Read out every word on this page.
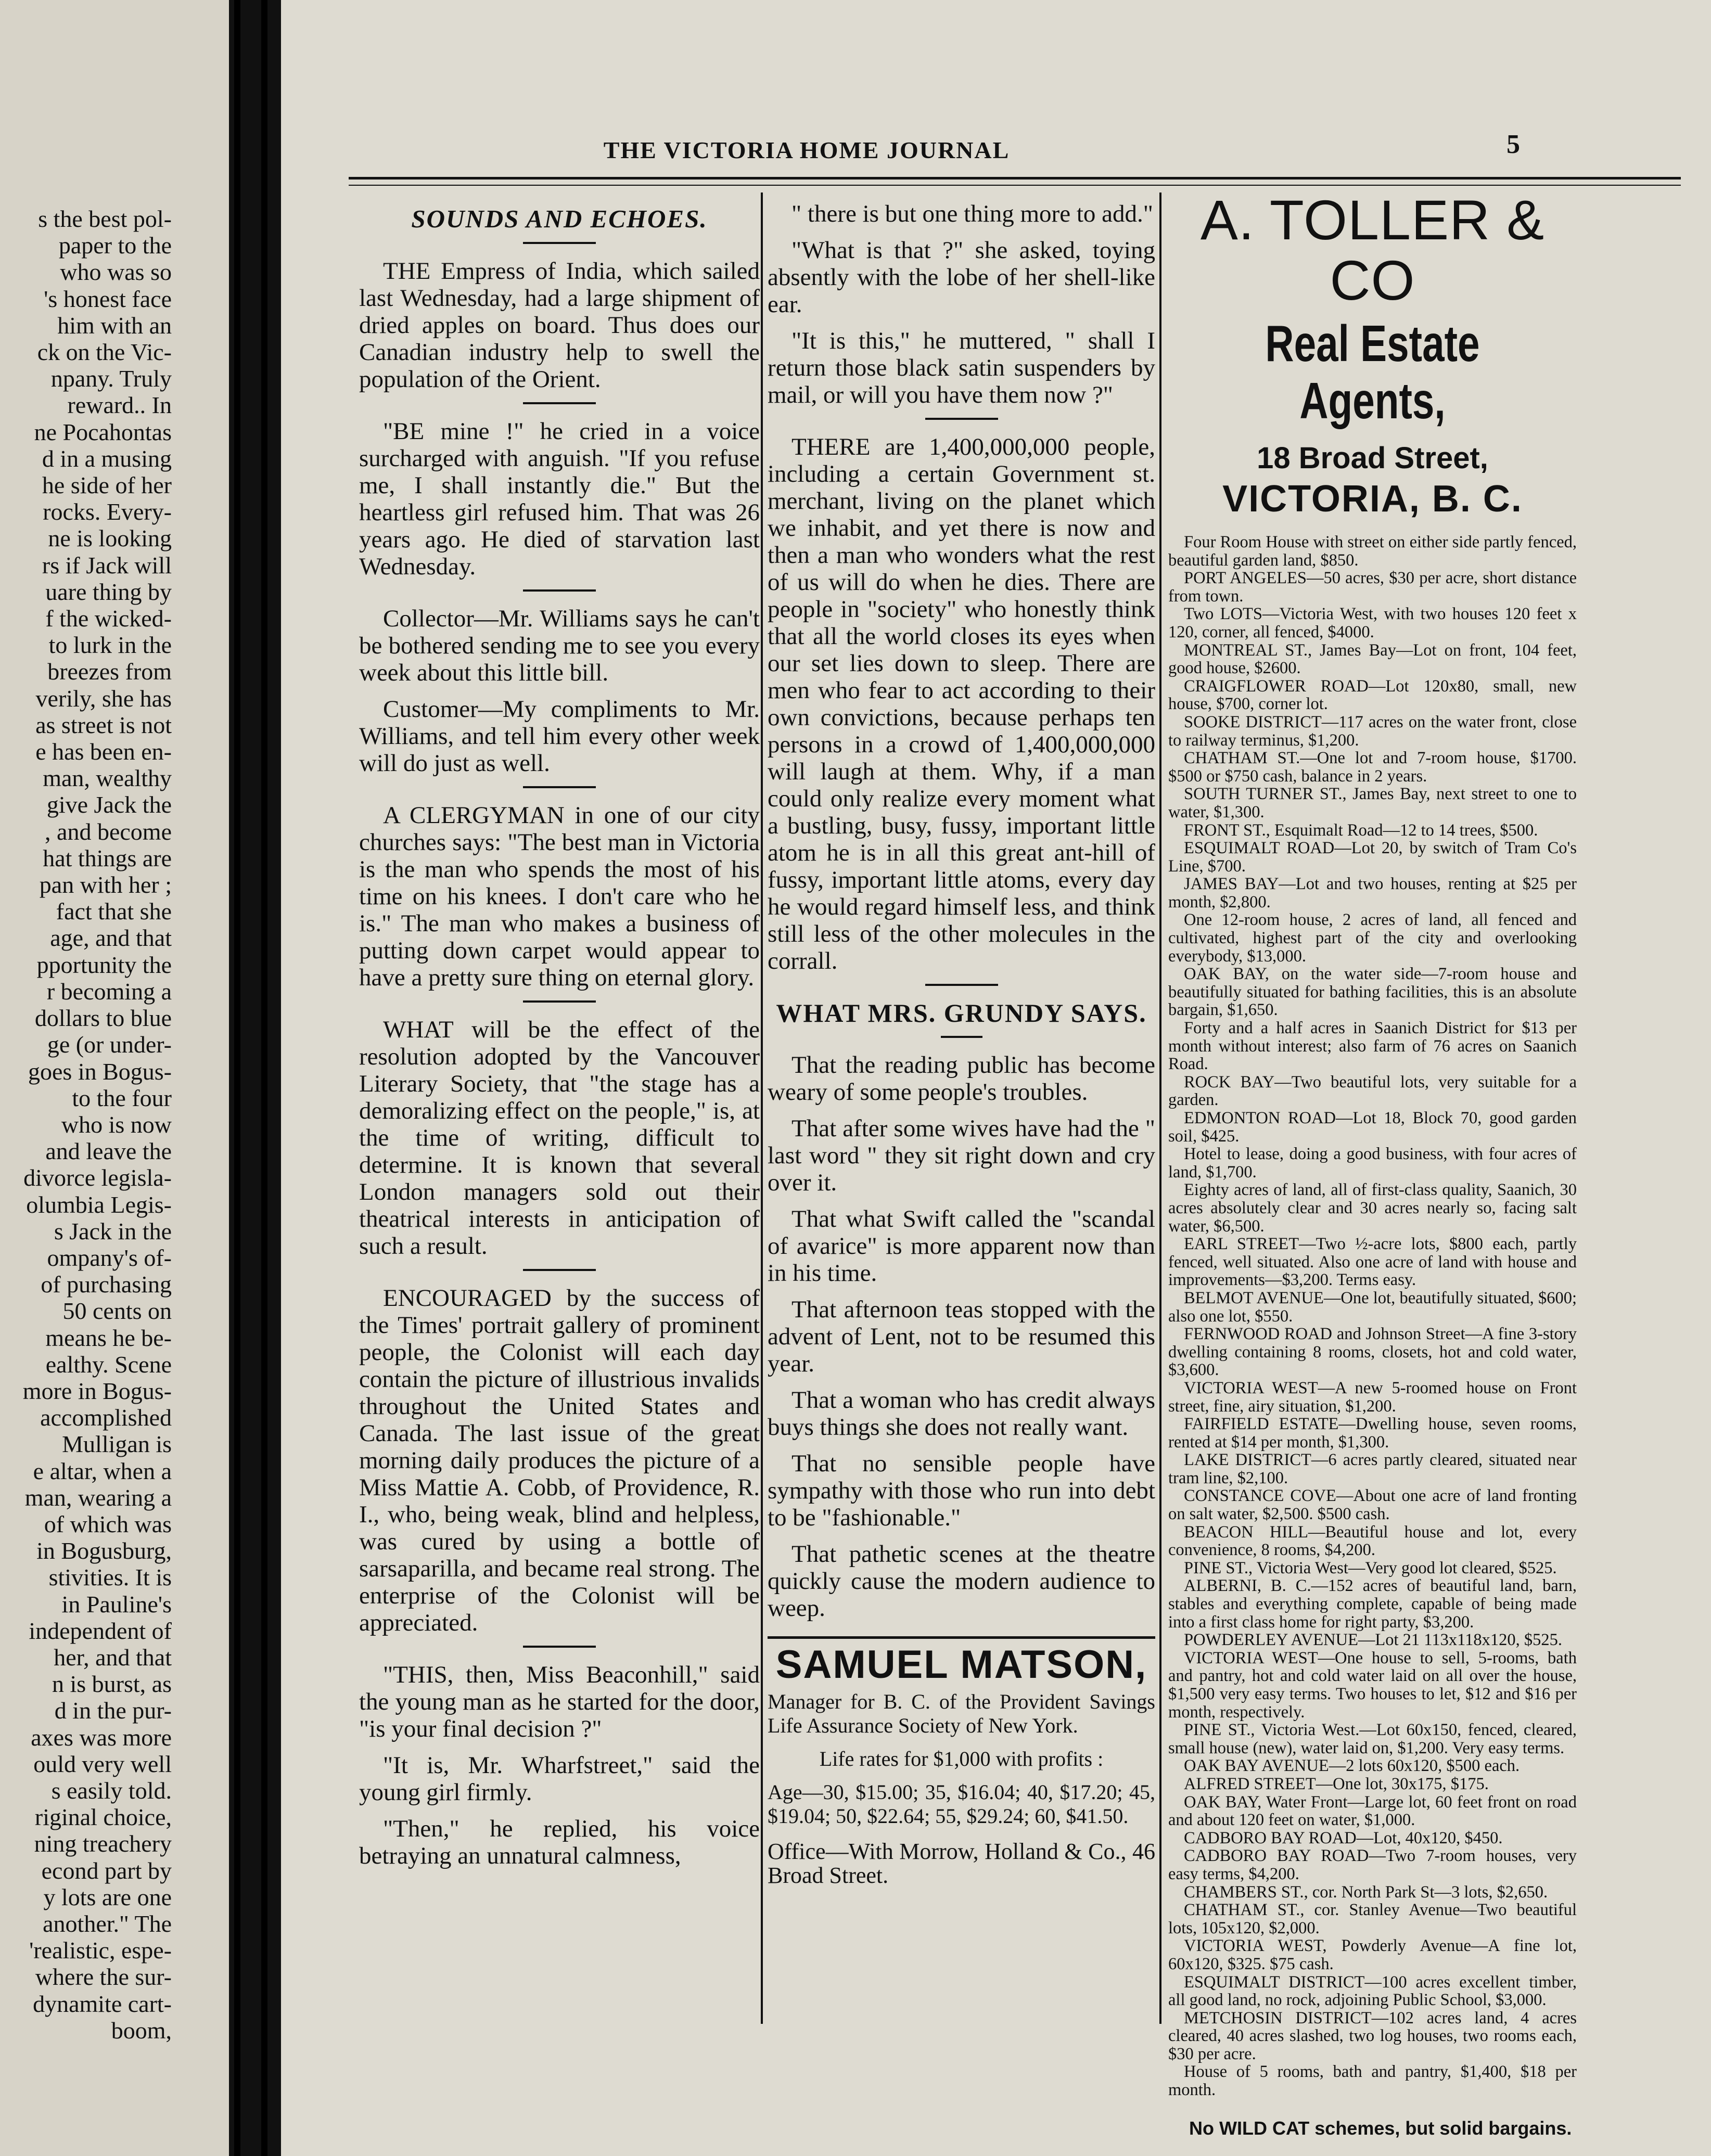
s the best pol-
paper to the
who was so
's honest face
him with an
ck on the Vic-
npany. Truly
reward.. In
ne Pocahontas
d in a musing
he side of her
rocks. Every-
ne is looking
rs if Jack will
uare thing by
f the wicked-
to lurk in the
breezes from
verily, she has
as street is not
e has been en-
man, wealthy
give Jack the
, and become
hat things are
pan with her ;
fact that she
age, and that
pportunity the
r becoming a
dollars to blue
ge (or under-
goes in Bogus-
to the four
who is now
and leave the
divorce legisla-
olumbia Legis-
s Jack in the
ompany's of-
of purchasing
50 cents on
means he be-
ealthy. Scene
more in Bogus-
accomplished
Mulligan is
e altar, when a
man, wearing a
of which was
in Bogusburg,
stivities. It is
in Pauline's
independent of
her, and that
n is burst, as
d in the pur-
axes was more
ould very well
s easily told.
riginal choice,
ning treachery
econd part by
y lots are one
another." The
'realistic, espe-
where the sur-
dynamite cart-
boom,
THE VICTORIA HOME JOURNAL	5
SOUNDS AND ECHOES.

THE Empress of India, which sailed last Wednesday, had a large shipment of dried apples on board. Thus does our Canadian industry help to swell the population of the Orient.

"BE mine !" he cried in a voice surcharged with anguish. "If you refuse me, I shall instantly die." But the heartless girl refused him. That was 26 years ago. He died of starvation last Wednesday.

Collector—Mr. Williams says he can't be bothered sending me to see you every week about this little bill.

Customer—My compliments to Mr. Williams, and tell him every other week will do just as well.

A CLERGYMAN in one of our city churches says: "The best man in Victoria is the man who spends the most of his time on his knees. I don't care who he is." The man who makes a business of putting down carpet would appear to have a pretty sure thing on eternal glory.

WHAT will be the effect of the resolution adopted by the Vancouver Literary Society, that "the stage has a demoralizing effect on the people," is, at the time of writing, difficult to determine. It is known that several London managers sold out their theatrical interests in anticipation of such a result.

ENCOURAGED by the success of the Times' portrait gallery of prominent people, the Colonist will each day contain the picture of illustrious invalids throughout the United States and Canada. The last issue of the great morning daily produces the picture of a Miss Mattie A. Cobb, of Providence, R. I., who, being weak, blind and helpless, was cured by using a bottle of sarsaparilla, and became real strong. The enterprise of the Colonist will be appreciated.

"THIS, then, Miss Beaconhill," said the young man as he started for the door, "is your final decision ?"

"It is, Mr. Wharfstreet," said the young girl firmly.

"Then," he replied, his voice betraying an unnatural calmness,

" there is but one thing more to add."

"What is that ?" she asked, toying absently with the lobe of her shell-like ear.

"It is this," he muttered, " shall I return those black satin suspenders by mail, or will you have them now ?"

THERE are 1,400,000,000 people, including a certain Government st. merchant, living on the planet which we inhabit, and yet there is now and then a man who wonders what the rest of us will do when he dies. There are people in "society" who honestly think that all the world closes its eyes when our set lies down to sleep. There are men who fear to act according to their own convictions, because perhaps ten persons in a crowd of 1,400,000,000 will laugh at them. Why, if a man could only realize every moment what a bustling, busy, fussy, important little atom he is in all this great ant-hill of fussy, important little atoms, every day he would regard himself less, and think still less of the other molecules in the corrall.

WHAT MRS. GRUNDY SAYS.

That the reading public has become weary of some people's troubles.

That after some wives have had the " last word " they sit right down and cry over it.

That what Swift called the "scandal of avarice" is more apparent now than in his time.

That afternoon teas stopped with the advent of Lent, not to be resumed this year.

That a woman who has credit always buys things she does not really want.

That no sensible people have sympathy with those who run into debt to be "fashionable."

That pathetic scenes at the theatre quickly cause the modern audience to weep.

SAMUEL MATSON,

Manager for B. C. of the Provident Savings Life Assurance Society of New York.

Life rates for $1,000 with profits :

Age—30, $15.00; 35, $16.04; 40, $17.20; 45, $19.04; 50, $22.64; 55, $29.24; 60, $41.50.

Office—With Morrow, Holland & Co., 46 Broad Street.

A. TOLLER & CO
Real Estate Agents,
18 Broad Street,
VICTORIA, B. C.
Four Room House with street on either side partly fenced, beautiful garden land, $850.
PORT ANGELES—50 acres, $30 per acre, short distance from town.
Two LOTS—Victoria West, with two houses 120 feet x 120, corner, all fenced, $4000.
MONTREAL ST., James Bay—Lot on front, 104 feet, good house, $2600.
CRAIGFLOWER ROAD—Lot 120x80, small, new house, $700, corner lot.
SOOKE DISTRICT—117 acres on the water front, close to railway terminus, $1,200.
CHATHAM ST.—One lot and 7-room house, $1700. $500 or $750 cash, balance in 2 years.
SOUTH TURNER ST., James Bay, next street to one to water, $1,300.
FRONT ST., Esquimalt Road—12 to 14 trees, $500.
ESQUIMALT ROAD—Lot 20, by switch of Tram Co's Line, $700.
JAMES BAY—Lot and two houses, renting at $25 per month, $2,800.
One 12-room house, 2 acres of land, all fenced and cultivated, highest part of the city and overlooking everybody, $13,000.
OAK BAY, on the water side—7-room house and beautifully situated for bathing facilities, this is an absolute bargain, $1,650.
Forty and a half acres in Saanich District for $13 per month without interest; also farm of 76 acres on Saanich Road.
ROCK BAY—Two beautiful lots, very suitable for a garden.
EDMONTON ROAD—Lot 18, Block 70, good garden soil, $425.
Hotel to lease, doing a good business, with four acres of land, $1,700.
Eighty acres of land, all of first-class quality, Saanich, 30 acres absolutely clear and 30 acres nearly so, facing salt water, $6,500.
EARL STREET—Two ½-acre lots, $800 each, partly fenced, well situated. Also one acre of land with house and improvements—$3,200. Terms easy.
BELMOT AVENUE—One lot, beautifully situated, $600; also one lot, $550.
FERNWOOD ROAD and Johnson Street—A fine 3-story dwelling containing 8 rooms, closets, hot and cold water, $3,600.
VICTORIA WEST—A new 5-roomed house on Front street, fine, airy situation, $1,200.
FAIRFIELD ESTATE—Dwelling house, seven rooms, rented at $14 per month, $1,300.
LAKE DISTRICT—6 acres partly cleared, situated near tram line, $2,100.
CONSTANCE COVE—About one acre of land fronting on salt water, $2,500. $500 cash.
BEACON HILL—Beautiful house and lot, every convenience, 8 rooms, $4,200.
PINE ST., Victoria West—Very good lot cleared, $525.
ALBERNI, B. C.—152 acres of beautiful land, barn, stables and everything complete, capable of being made into a first class home for right party, $3,200.
POWDERLEY AVENUE—Lot 21 113x118x120, $525.
VICTORIA WEST—One house to sell, 5-rooms, bath and pantry, hot and cold water laid on all over the house, $1,500 very easy terms. Two houses to let, $12 and $16 per month, respectively.
PINE ST., Victoria West.—Lot 60x150, fenced, cleared, small house (new), water laid on, $1,200. Very easy terms.
OAK BAY AVENUE—2 lots 60x120, $500 each.
ALFRED STREET—One lot, 30x175, $175.
OAK BAY, Water Front—Large lot, 60 feet front on road and about 120 feet on water, $1,000.
CADBORO BAY ROAD—Lot, 40x120, $450.
CADBORO BAY ROAD—Two 7-room houses, very easy terms, $4,200.
CHAMBERS ST., cor. North Park St—3 lots, $2,650.
CHATHAM ST., cor. Stanley Avenue—Two beautiful lots, 105x120, $2,000.
VICTORIA WEST, Powderly Avenue—A fine lot, 60x120, $325. $75 cash.
ESQUIMALT DISTRICT—100 acres excellent timber, all good land, no rock, adjoining Public School, $3,000.
METCHOSIN DISTRICT—102 acres land, 4 acres cleared, 40 acres slashed, two log houses, two rooms each, $30 per acre.
House of 5 rooms, bath and pantry, $1,400, $18 per month.
No WILD CAT schemes, but solid bargains.
